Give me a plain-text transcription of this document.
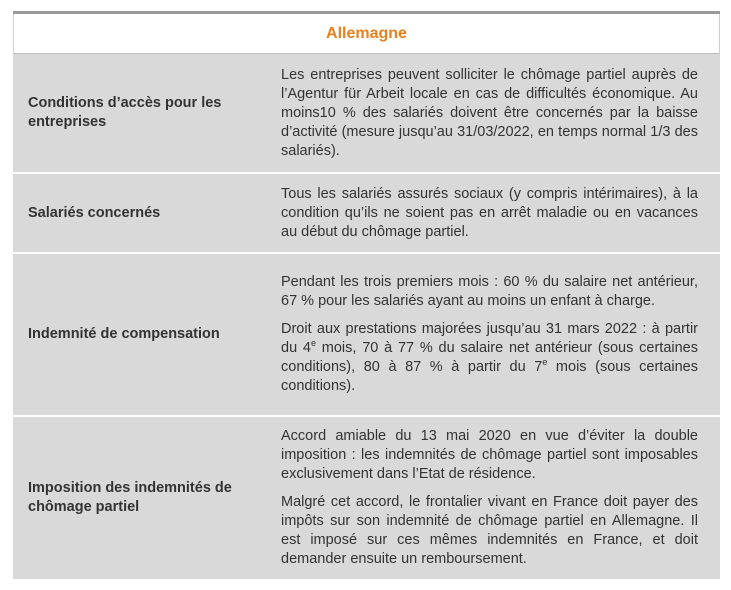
Allemagne
Conditions d’accès pour les entreprises

Les entreprises peuvent solliciter le chômage partiel auprès de l’Agentur für Arbeit locale en cas de difficultés économique. Au moins10 % des salariés doivent être concernés par la baisse d’activité (mesure jusqu’au 31/03/2022, en temps normal 1/3 des salariés).

Salariés concernés

Tous les salariés assurés sociaux (y compris intérimaires), à la condition qu’ils ne soient pas en arrêt maladie ou en vacances au début du chômage partiel.

Indemnité de compensation

Pendant les trois premiers mois : 60 % du salaire net antérieur, 67 % pour les salariés ayant au moins un enfant à charge.

Droit aux prestations majorées jusqu’au 31 mars 2022 : à partir du 4e mois, 70 à 77 % du salaire net antérieur (sous certaines conditions), 80 à 87 % à partir du 7e mois (sous certaines conditions).

Imposition des indemnités de chômage partiel

Accord amiable du 13 mai 2020 en vue d’éviter la double imposition : les indemnités de chômage partiel sont imposables exclusivement dans l’Etat de résidence.

Malgré cet accord, le frontalier vivant en France doit payer des impôts sur son indemnité de chômage partiel en Allemagne. Il est imposé sur ces mêmes indemnités en France, et doit demander ensuite un remboursement.
